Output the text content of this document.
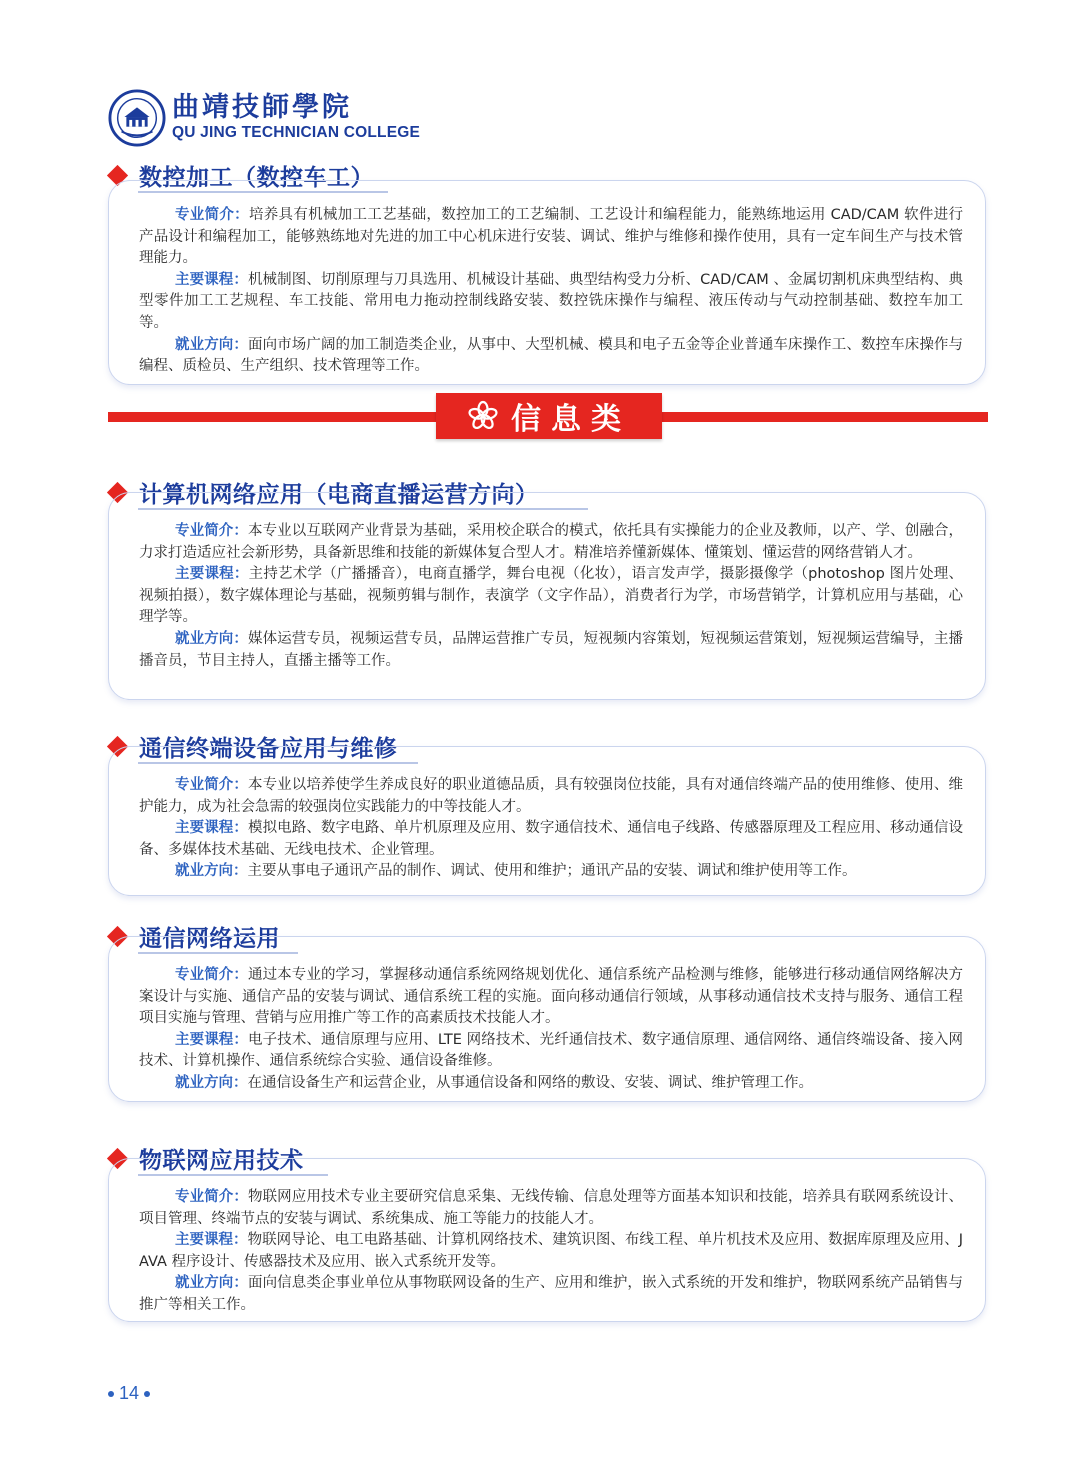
曲靖技師學院
QU JING TECHNICIAN COLLEGE
数控加工（数控车工）

专业简介：培养具有机械加工工艺基础，数控加工的工艺编制、工艺设计和编程能力，能熟练地运用 CAD/CAM 软件进行产品设计和编程加工，能够熟练地对先进的加工中心机床进行安装、调试、维护与维修和操作使用，具有一定车间生产与技术管理能力。

主要课程：机械制图、切削原理与刀具选用、机械设计基础、典型结构受力分析、CAD/CAM 、金属切割机床典型结构、典型零件加工工艺规程、车工技能、常用电力拖动控制线路安装、数控铣床操作与编程、液压传动与气动控制基础、数控车加工等。

就业方向：面向市场广阔的加工制造类企业，从事中、大型机械、模具和电子五金等企业普通车床操作工、数控车床操作与编程、质检员、生产组织、技术管理等工作。

信息类
计算机网络应用（电商直播运营方向）

专业简介：本专业以互联网产业背景为基础，采用校企联合的模式，依托具有实操能力的企业及教师，以产、学、创融合，力求打造适应社会新形势，具备新思维和技能的新媒体复合型人才。精准培养懂新媒体、懂策划、懂运营的网络营销人才。

主要课程：主持艺术学（广播播音），电商直播学，舞台电视（化妆），语言发声学，摄影摄像学（photoshop 图片处理、视频拍摄），数字媒体理论与基础，视频剪辑与制作，表演学（文字作品），消费者行为学，市场营销学，计算机应用与基础，心理学等。

就业方向：媒体运营专员，视频运营专员，品牌运营推广专员，短视频内容策划，短视频运营策划，短视频运营编导，主播播音员，节目主持人，直播主播等工作。

通信终端设备应用与维修

专业简介：本专业以培养使学生养成良好的职业道德品质，具有较强岗位技能，具有对通信终端产品的使用维修、使用、维护能力，成为社会急需的较强岗位实践能力的中等技能人才。

主要课程：模拟电路、数字电路、单片机原理及应用、数字通信技术、通信电子线路、传感器原理及工程应用、移动通信设备、多媒体技术基础、无线电技术、企业管理。

就业方向：主要从事电子通讯产品的制作、调试、使用和维护；通讯产品的安装、调试和维护使用等工作。

通信网络运用

专业简介：通过本专业的学习，掌握移动通信系统网络规划优化、通信系统产品检测与维修，能够进行移动通信网络解决方案设计与实施、通信产品的安装与调试、通信系统工程的实施。面向移动通信行领域，从事移动通信技术支持与服务、通信工程项目实施与管理、营销与应用推广等工作的高素质技术技能人才。

主要课程：电子技术、通信原理与应用、LTE 网络技术、光纤通信技术、数字通信原理、通信网络、通信终端设备、接入网技术、计算机操作、通信系统综合实验、通信设备维修。

就业方向：在通信设备生产和运营企业，从事通信设备和网络的敷设、安装、调试、维护管理工作。

物联网应用技术

专业简介：物联网应用技术专业主要研究信息采集、无线传输、信息处理等方面基本知识和技能，培养具有联网系统设计、项目管理、终端节点的安装与调试、系统集成、施工等能力的技能人才。

主要课程：物联网导论、电工电路基础、计算机网络技术、建筑识图、布线工程、单片机技术及应用、数据库原理及应用、JAVA 程序设计、传感器技术及应用、嵌入式系统开发等。

就业方向：面向信息类企事业单位从事物联网设备的生产、应用和维护，嵌入式系统的开发和维护，物联网系统产品销售与推广等相关工作。

14
